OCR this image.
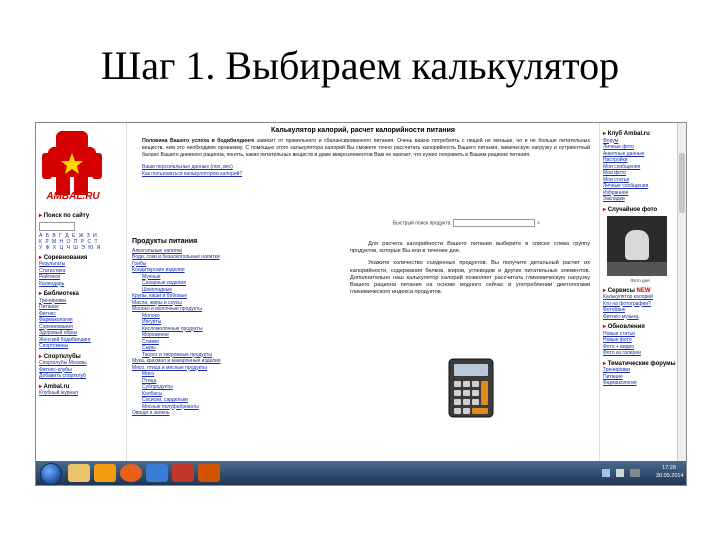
Шаг 1. Выбираем калькулятор
AMBAL.RU
▸ Поиск по сайту
А Б В Г Д Е Ж З И
К Л М Н О П Р С Т
У Ф Х Ц Ч Ш Э Ю Я
▸ Соревнования
Результаты
Статистика
Рейтинги
Календарь
▸ Библиотека
Тренировки
Питание
Фитнес
Фармакология
Соревнования
Здоровый образ
Женский бодибилдинг
Спортсмены
▸ Спортклубы
Спортклубы Москвы
Фитнес-клубы
Добавить спортклуб
▸ Ambal.ru
Клубный журнал
Калькулятор калорий, расчет калорийности питания
Половина Вашего успеха в бодибилдинге зависит от правильного и сбалансированного питания. Очень важно потреблять с пищей не меньше, но и не больше питательных веществ, чем это необходимо организму. С помощью этого калькулятора калорий Вы сможете точно рассчитать калорийность Вашего питания, химическую нагрузку и нутриентный баланс Вашего дневного рациона, понять, каких питательных веществ и даже микроэлементов Вам не хватает, что нужно поправить в Вашем рационе питания.
Ваши персональные данные (пол, вес)
Как пользоваться калькулятором калорий?
Быстрый поиск продукта	⌕
Продукты питания
Алкогольные напитки
Води, соки и безалкогольные напитки
Грибы
Кондитерские изделия
Мучные
Сахарные изделия
Шоколадные
Крупы, каши и бобовые
Масла, жиры и соусы
Молоко и молочные продукты
Молоко
Йогурты
Кисломолочные продукты
Мороженое
Сливки
Сыры
Творог и творожные продукты
Мука, крахмал и макаронные изделия
Мясо, птица и мясные продукты
Мясо
Птица
Субпродукты
Колбасы
Сосиски, сардельки
Мясные полуфабрикаты
Овощи и зелень

Для расчета калорийности Вашего питания выберите в списке слева группу продуктов, которые Вы ели в течение дня.

Укажите количество съеденных продуктов, Вы получите детальный расчет их калорийности, содержания белков, жиров, углеводов и других питательных элементов. Дополнительно наш калькулятор калорий позволяет рассчитать гликемическую нагрузку Вашего рациона питания на основе модного сейчас в употреблении диетологами гликемического индекса продуктов.

▸ Клуб Ambal.ru
Форум
Личные фото
Анкетные данные
Настройки
Мои сообщения
Мои фото
Мои статьи
Личные сообщения
Избранное
Закладки
▸ Случайное фото
Фото дня
▸ Сервисы NEW
Калькулятор калорий
Кто на фотографии?
Фотобанк
Фитнес-музыка
▸ Обновления
Новые статьи
Новые фото
Фото + видео
Фото из галереи
▸ Тематические форумы
Тренировки
Питание
Фармакология
17:28
30.09.2014
